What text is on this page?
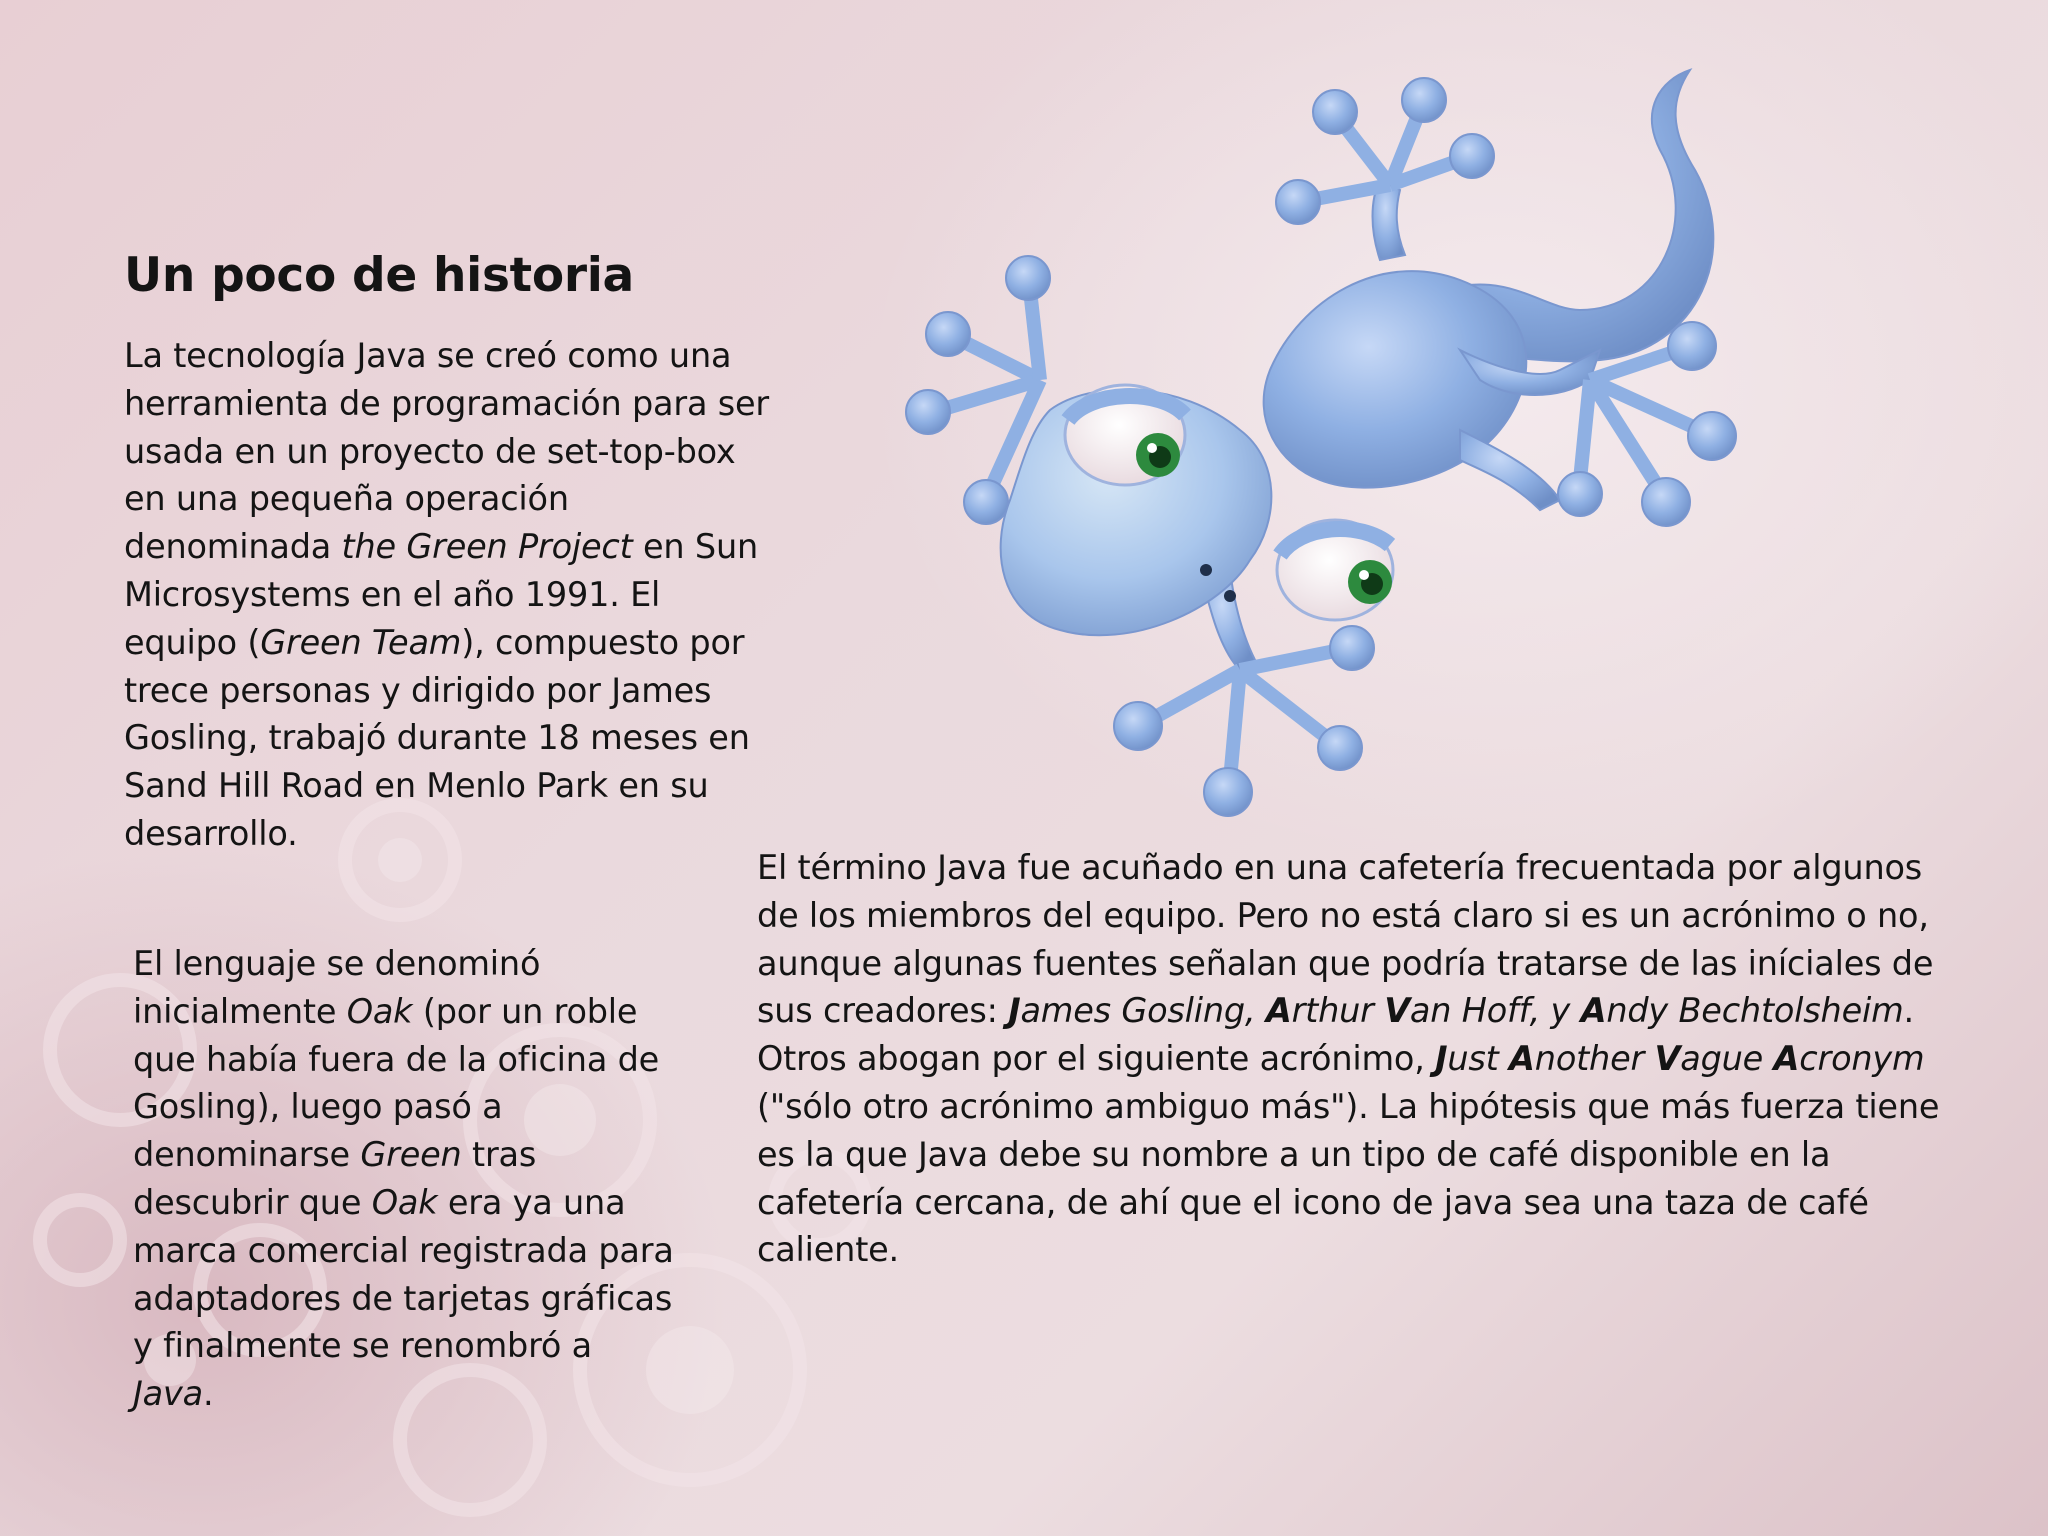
Un poco de historia

La tecnología Java se creó como una
herramienta de programación para ser
usada en un proyecto de set-top-box
en una pequeña operación
denominada the Green Project en Sun
Microsystems en el año 1991. El
equipo (Green Team), compuesto por
trece personas y dirigido por James
Gosling, trabajó durante 18 meses en
Sand Hill Road en Menlo Park en su
desarrollo.

El lenguaje se denominó
inicialmente Oak (por un roble
que había fuera de la oficina de
Gosling), luego pasó a
denominarse Green tras
descubrir que Oak era ya una
marca comercial registrada para
adaptadores de tarjetas gráficas
y finalmente se renombró a
Java.

El término Java fue acuñado en una cafetería frecuentada por algunos
de los miembros del equipo. Pero no está claro si es un acrónimo o no,
aunque algunas fuentes señalan que podría tratarse de las iníciales de
sus creadores: James Gosling, Arthur Van Hoff, y Andy Bechtolsheim.
Otros abogan por el siguiente acrónimo, Just Another Vague Acronym
("sólo otro acrónimo ambiguo más"). La hipótesis que más fuerza tiene
es la que Java debe su nombre a un tipo de café disponible en la
cafetería cercana, de ahí que el icono de java sea una taza de café
caliente.
